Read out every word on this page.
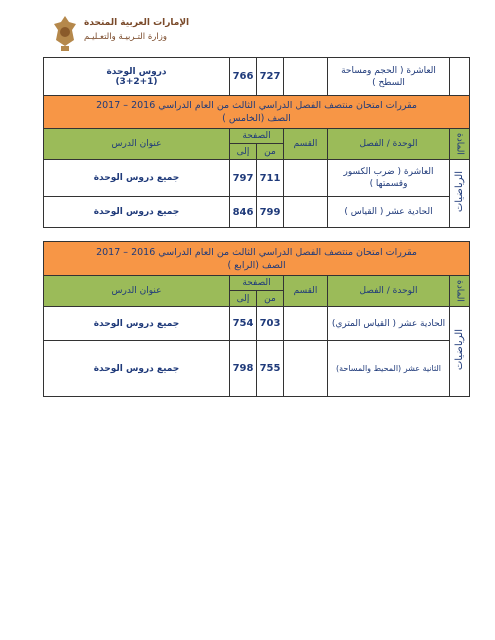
الإمارات العربية المتحدة
وزارة التـربيـة والتعـليـم
دروس الوحدة
(3+2+1)	766	727		العاشرة ( الحجم ومساحة السطح )	
مقررات امتحان منتصف الفصل الدراسي الثالث من العام الدراسي 2016 – 2017
الصف (الخامس )					

عنوان الدرس	الصفحة		القسم	الوحدة / الفصل	المادة
	إلى	من			
جميع دروس الوحدة	797	711		العاشرة ( ضرب الكسور وقسمتها )	الرياضيات
جميع دروس الوحدة	846	799		الحادية عشر ( القياس )	
مقررات امتحان منتصف الفصل الدراسي الثالث من العام الدراسي 2016 – 2017
الصف (الرابع )					

عنوان الدرس	الصفحة		القسم	الوحدة / الفصل	المادة
	إلى	من			
جميع دروس الوحدة	754	703		الحادية عشر ( القياس المتري)	الرياضيات
جميع دروس الوحدة	798	755		الثانية عشر (المحيط والمساحة)	
